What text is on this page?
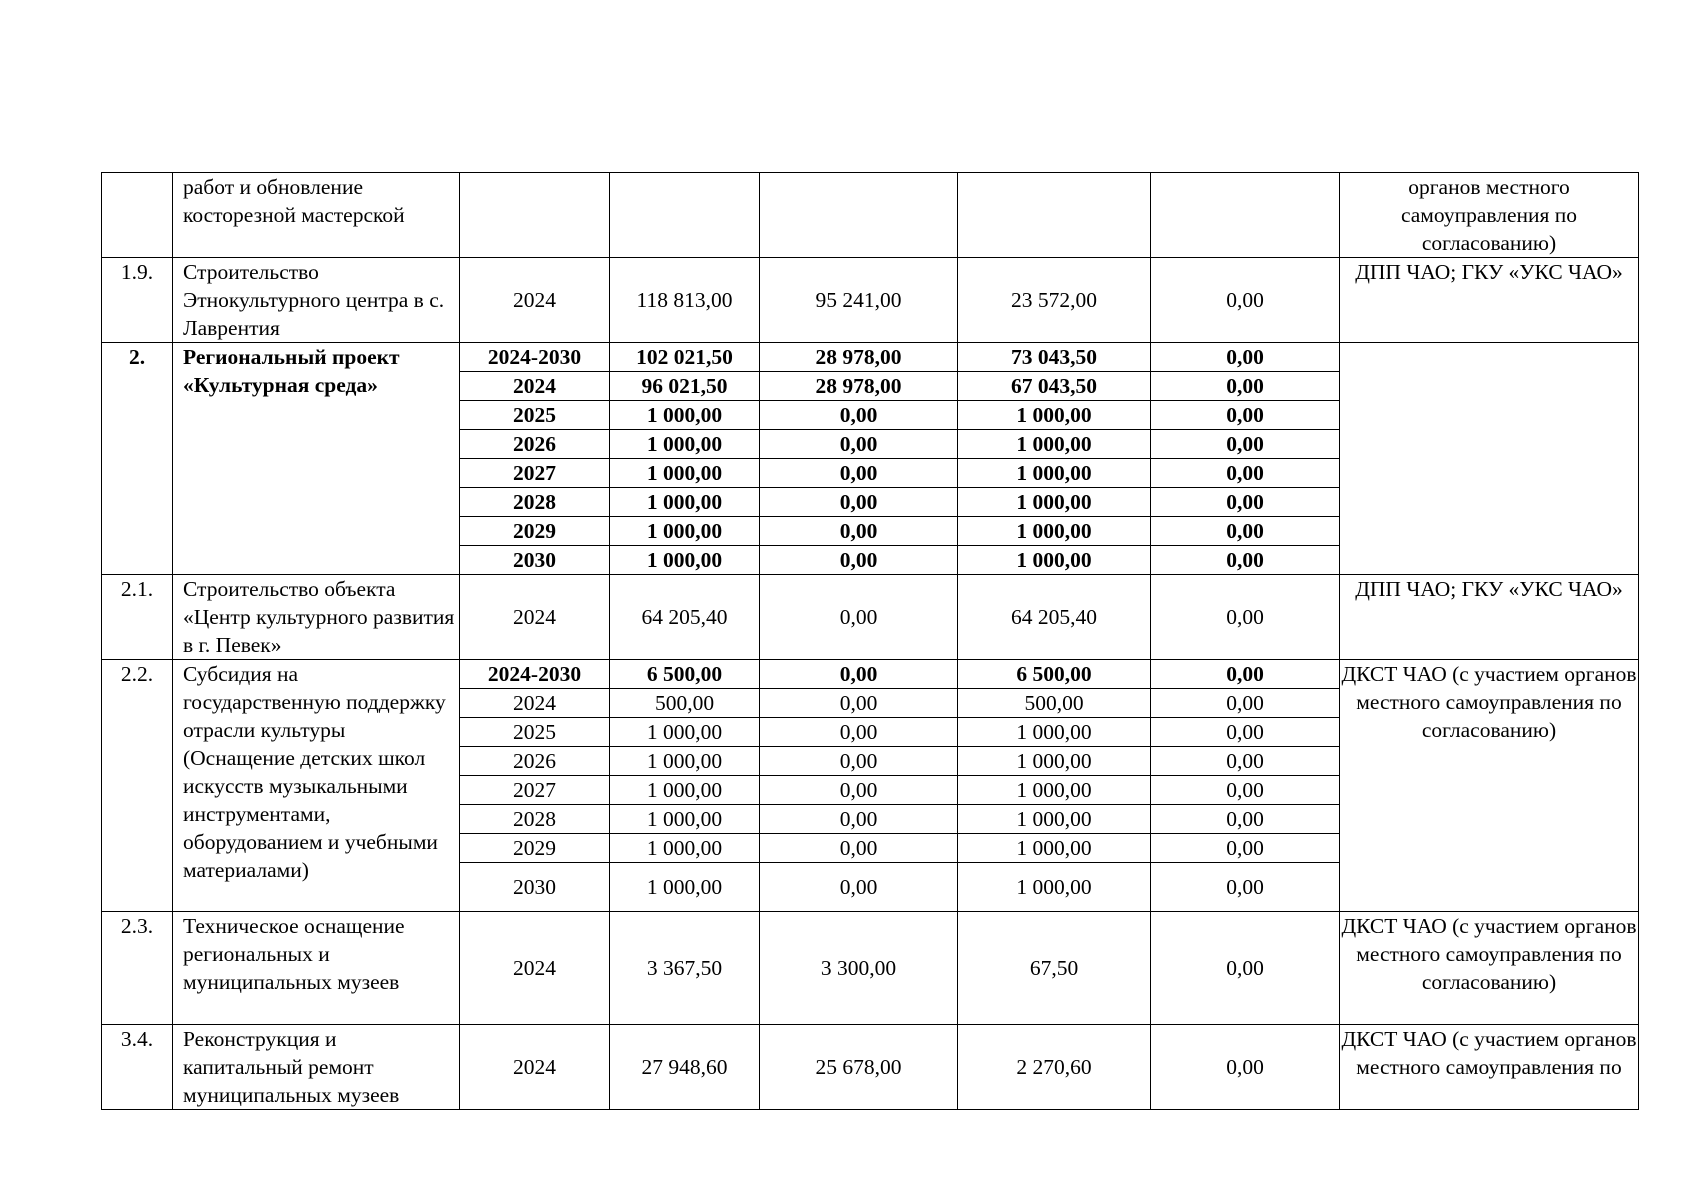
	работ и обновление косторезной мастерской						органов местного самоуправления по согласованию)
1.9.	Строительство Этнокультурного центра в с. Лаврентия	2024	118 813,00	95 241,00	23 572,00	0,00	ДПП ЧАО; ГКУ «УКС ЧАО»
2.	Региональный проект «Культурная среда»	2024-2030	102 021,50	28 978,00	73 043,50	0,00	
		2024	96 021,50	28 978,00	67 043,50	0,00	
		2025	1 000,00	0,00	1 000,00	0,00	
		2026	1 000,00	0,00	1 000,00	0,00	
		2027	1 000,00	0,00	1 000,00	0,00	
		2028	1 000,00	0,00	1 000,00	0,00	
		2029	1 000,00	0,00	1 000,00	0,00	
		2030	1 000,00	0,00	1 000,00	0,00	
2.1.	Строительство объекта «Центр культурного развития в г. Певек»	2024	64 205,40	0,00	64 205,40	0,00	ДПП ЧАО; ГКУ «УКС ЧАО»
2.2.	Субсидия на государственную поддержку отрасли культуры (Оснащение детских школ искусств музыкальными инструментами, оборудованием и учебными материалами)	2024-2030	6 500,00	0,00	6 500,00	0,00	ДКСТ ЧАО (с участием органов местного самоуправления по согласованию)
		2024	500,00	0,00	500,00	0,00	
		2025	1 000,00	0,00	1 000,00	0,00	
		2026	1 000,00	0,00	1 000,00	0,00	
		2027	1 000,00	0,00	1 000,00	0,00	
		2028	1 000,00	0,00	1 000,00	0,00	
		2029	1 000,00	0,00	1 000,00	0,00	
		2030	1 000,00	0,00	1 000,00	0,00	
2.3.	Техническое оснащение региональных и муниципальных музеев	2024	3 367,50	3 300,00	67,50	0,00	ДКСТ ЧАО (с участием органов местного самоуправления по согласованию)
3.4.	Реконструкция и капитальный ремонт муниципальных музеев	2024	27 948,60	25 678,00	2 270,60	0,00	ДКСТ ЧАО (с участием органов местного самоуправления по
